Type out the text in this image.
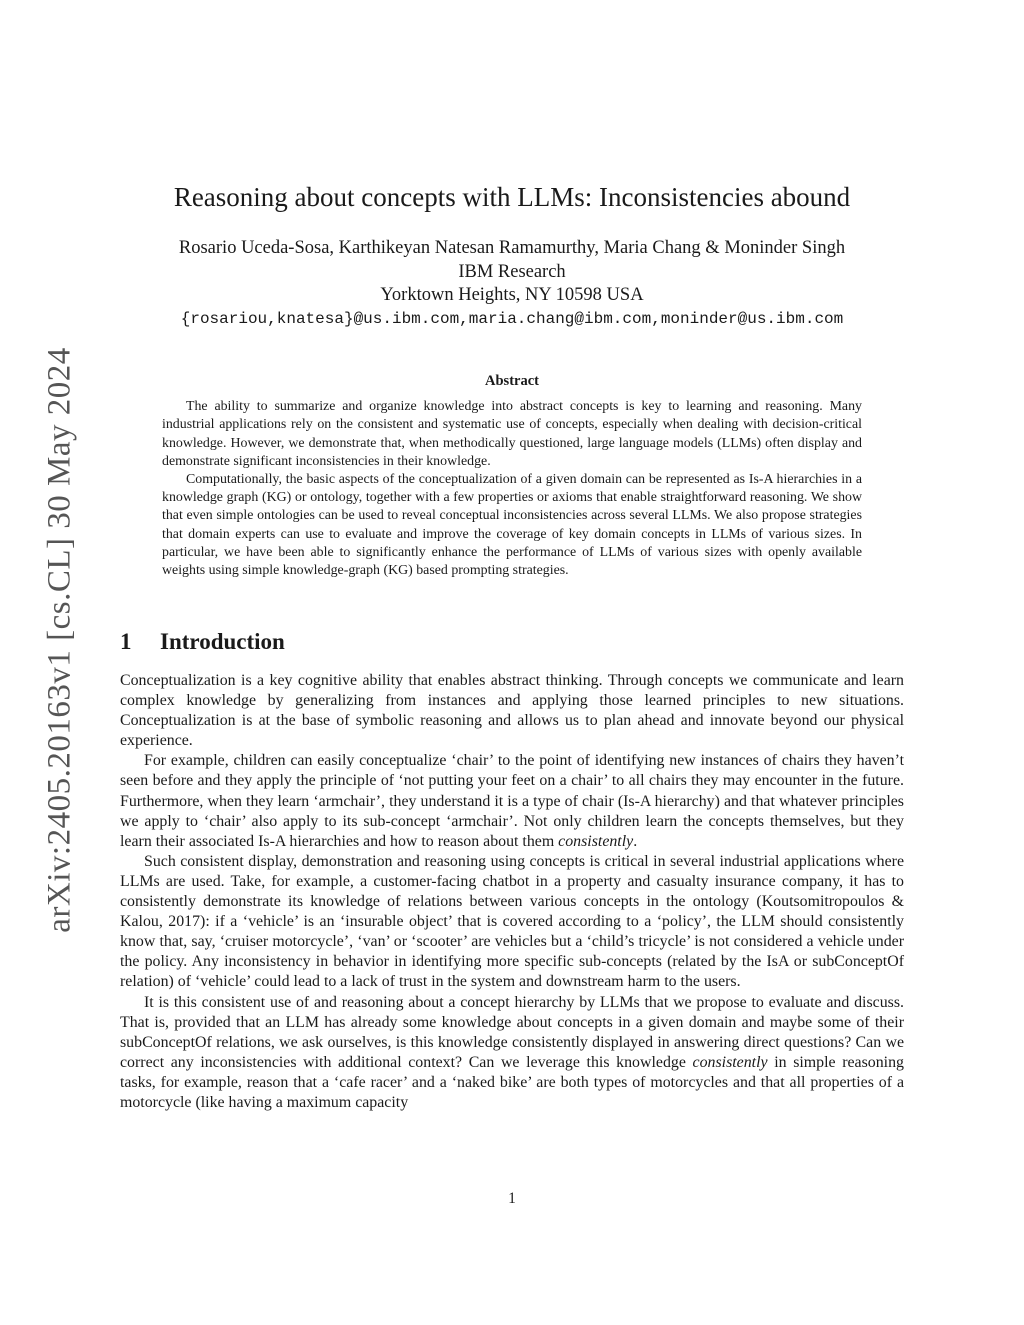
arXiv:2405.20163v1 [cs.CL] 30 May 2024
Reasoning about concepts with LLMs: Inconsistencies abound
Rosario Uceda-Sosa, Karthikeyan Natesan Ramamurthy, Maria Chang & Moninder Singh
IBM Research
Yorktown Heights, NY 10598 USA
{rosariou,knatesa}@us.ibm.com,maria.chang@ibm.com,moninder@us.ibm.com
Abstract

The ability to summarize and organize knowledge into abstract concepts is key to learning and reasoning. Many industrial applications rely on the consistent and systematic use of concepts, especially when dealing with decision-critical knowledge. However, we demonstrate that, when methodically questioned, large language models (LLMs) often display and demonstrate significant inconsistencies in their knowledge.

Computationally, the basic aspects of the conceptualization of a given domain can be represented as Is-A hierarchies in a knowledge graph (KG) or ontology, together with a few properties or axioms that enable straightforward reasoning. We show that even simple ontologies can be used to reveal conceptual inconsistencies across several LLMs. We also propose strategies that domain experts can use to evaluate and improve the coverage of key domain concepts in LLMs of various sizes. In particular, we have been able to significantly enhance the performance of LLMs of various sizes with openly available weights using simple knowledge-graph (KG) based prompting strategies.

1 Introduction

Conceptualization is a key cognitive ability that enables abstract thinking. Through concepts we communicate and learn complex knowledge by generalizing from instances and applying those learned principles to new situations. Conceptualization is at the base of symbolic reasoning and allows us to plan ahead and innovate beyond our physical experience.

For example, children can easily conceptualize ‘chair’ to the point of identifying new instances of chairs they haven’t seen before and they apply the principle of ‘not putting your feet on a chair’ to all chairs they may encounter in the future. Furthermore, when they learn ‘armchair’, they understand it is a type of chair (Is-A hierarchy) and that whatever principles we apply to ‘chair’ also apply to its sub-concept ‘armchair’. Not only children learn the concepts themselves, but they learn their associated Is-A hierarchies and how to reason about them consistently.

Such consistent display, demonstration and reasoning using concepts is critical in several industrial applications where LLMs are used. Take, for example, a customer-facing chatbot in a property and casualty insurance company, it has to consistently demonstrate its knowledge of relations between various concepts in the ontology (Koutsomitropoulos & Kalou, 2017): if a ‘vehicle’ is an ‘insurable object’ that is covered according to a ‘policy’, the LLM should consistently know that, say, ‘cruiser motorcycle’, ‘van’ or ‘scooter’ are vehicles but a ‘child’s tricycle’ is not considered a vehicle under the policy. Any inconsistency in behavior in identifying more specific sub-concepts (related by the IsA or subConceptOf relation) of ‘vehicle’ could lead to a lack of trust in the system and downstream harm to the users.

It is this consistent use of and reasoning about a concept hierarchy by LLMs that we propose to evaluate and discuss. That is, provided that an LLM has already some knowledge about concepts in a given domain and maybe some of their subConceptOf relations, we ask ourselves, is this knowledge consistently displayed in answering direct questions? Can we correct any inconsistencies with additional context? Can we leverage this knowledge consistently in simple reasoning tasks, for example, reason that a ‘cafe racer’ and a ‘naked bike’ are both types of motorcycles and that all properties of a motorcycle (like having a maximum capacity

1
